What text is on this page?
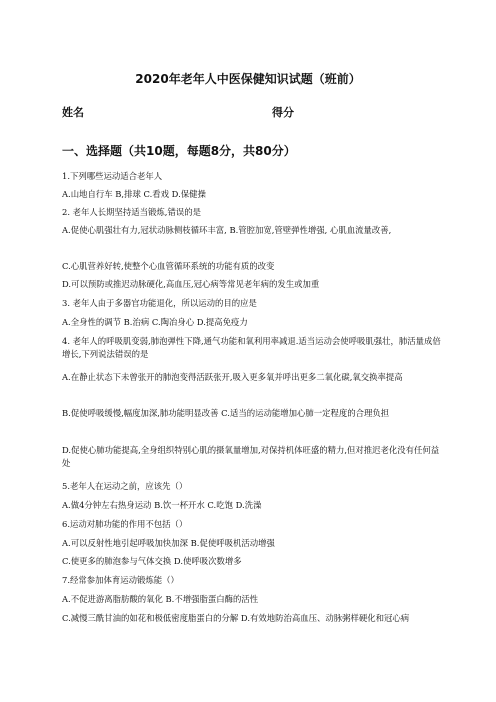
2020年老年人中医保健知识试题（班前）
姓名	得分
一、选择题（共10题，每题8分，共80分）
1.下列哪些运动适合老年人
A.山地自行车 B,排球 C.看戏 D.保健操
2. 老年人长期坚持适当锻炼,错误的是
A.促使心肌强壮有力,冠状动脉侧枝循环丰富, B.管腔加宽,管壁弹性增强, 心肌血流量改善,
C.心肌营养好转,使整个心血管循环系统的功能有质的改变
D.可以预防或推迟动脉硬化,高血压,冠心病等常见老年病的发生或加重
3. 老年人由于多器官功能退化，所以运动的目的应是
A.全身性的调节 B.治病 C.陶冶身心 D.提高免疫力
4. 老年人的呼吸肌变弱,肺泡弹性下降,通气功能和氧利用率减退.适当运动会使呼吸肌强壮，肺活量成倍增长,下列说法错误的是
A.在静止状态下未曾张开的肺泡变得活跃张开,吸入更多氧并呼出更多二氧化碳,氧交换率提高
B.促使呼吸缓慢,幅度加深,肺功能明显改善 C.适当的运动能增加心肺一定程度的合理负担
D.促使心肺功能提高,全身组织特别心肌的摄氧量增加,对保持机体旺盛的精力,但对推迟老化没有任何益处
5.老年人在运动之前，应该先（）
A.做4分钟左右热身运动 B.饮一杯开水 C.吃饱 D.洗澡
6.运动对肺功能的作用不包括（）
A.可以反射性地引起呼吸加快加深 B.促使呼吸机活动增强
C.使更多的肺泡参与气体交换 D.使呼吸次数增多
7.经常参加体育运动锻炼能（）
A.不促进游离脂肪酸的氧化 B.不增强脂蛋白酶的活性
C.减慢三酰甘油的如花和极低密度脂蛋白的分解 D.有效地防治高血压、动脉粥样硬化和冠心病
